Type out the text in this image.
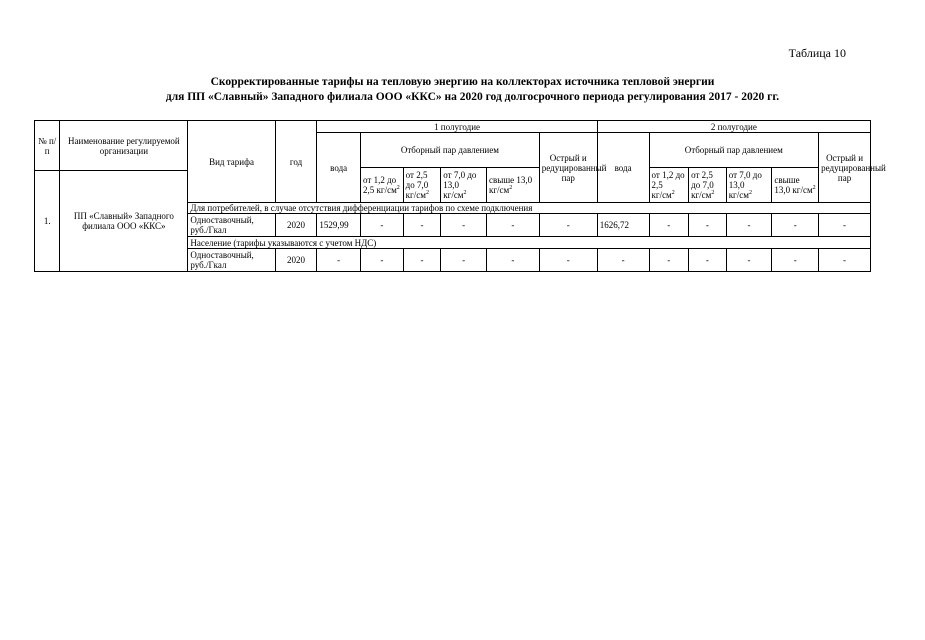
Таблица 10
Скорректированные тарифы на тепловую энергию на коллекторах источника тепловой энергии
для ПП «Славный» Западного филиала ООО «ККС» на 2020 год долгосрочного периода регулирования 2017 - 2020 гг.
№ п/п	Наименование регулируемой организации	Вид тарифа	год	1 полугодие						2 полугодие					
				вода	Отборный пар давлением				Острый и редуцированный пар	вода	Отборный пар давлением				Острый и редуцированный пар
					от 1,2 до 2,5 $кг/см^2$	от 2,5 до 7,0 $кг/см^2$	от 7,0 до 13,0 $кг/см^2$	свыше 13,0 $кг/см^2$			от 1,2 до 2,5 $кг/см^2$	от 2,5 до 7,0 $кг/см^2$	от 7,0 до 13,0 $кг/см^2$	свыше 13,0 $кг/см^2$
1.	ПП «Славный» Западного филиала ООО «ККС»														
		Для потребителей, в случае отсутствия дифференциации тарифов по схеме подключения													
		Одноставочный, руб./Гкал	2020	1529,99	-	-	-	-	-	1626,72	-	-	-	-	-
		Население (тарифы указываются с учетом НДС)													
		Одноставочный, руб./Гкал	2020	-	-	-	-	-	-	-	-	-	-	-	-
